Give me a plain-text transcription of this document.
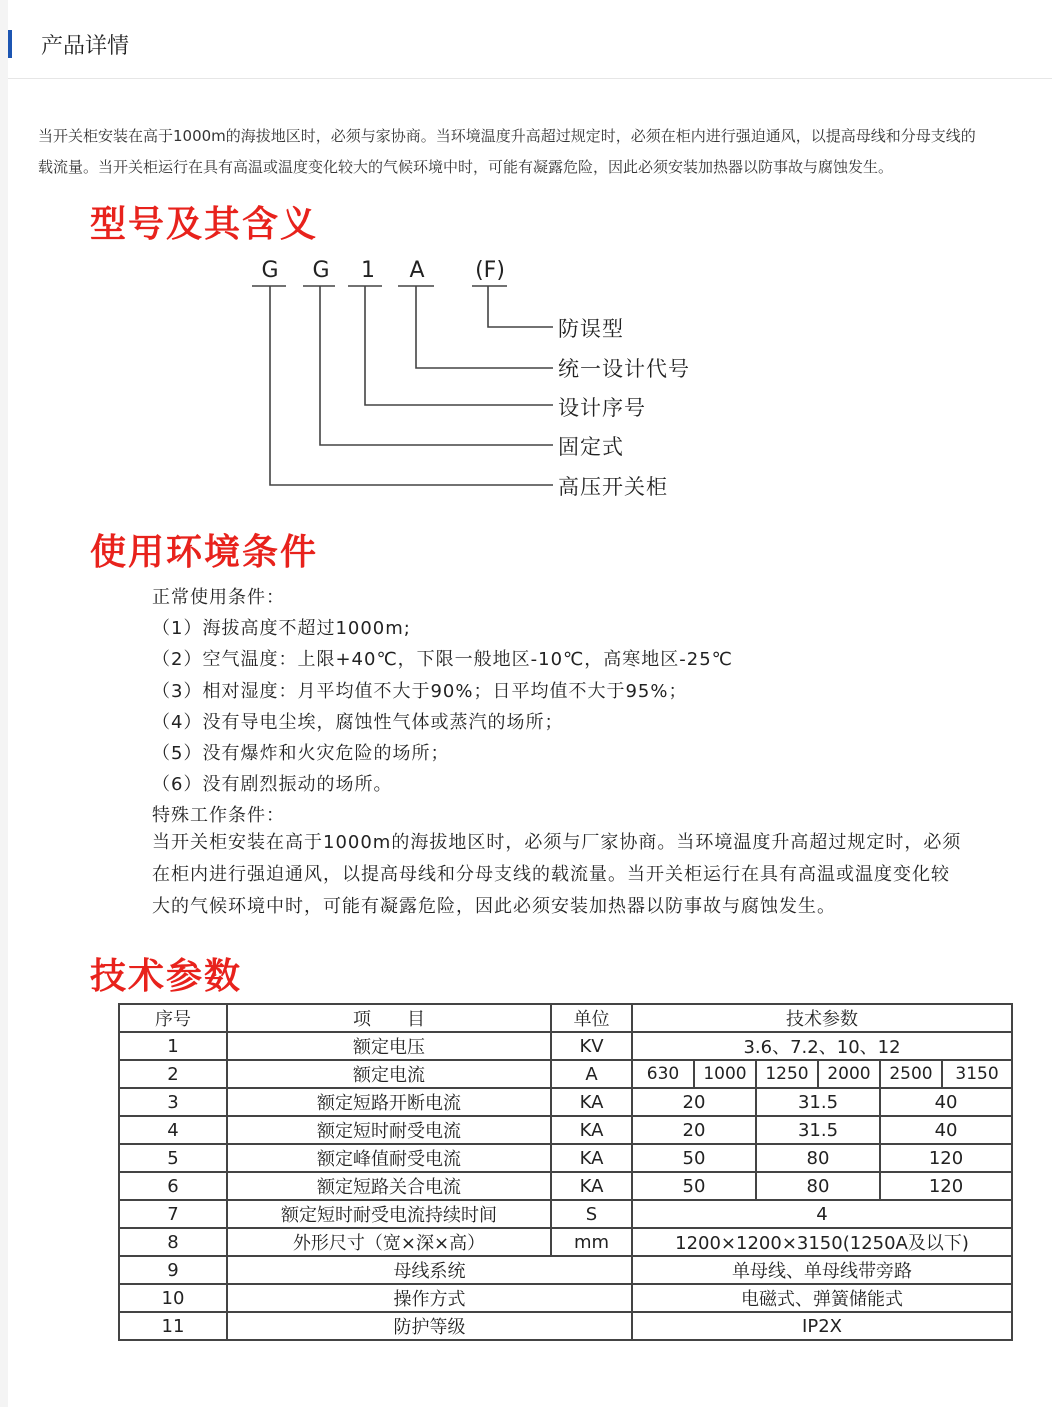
产品详情
当开关柜安装在高于1000m的海拔地区时，必须与家协商。当环境温度升高超过规定时，必须在柜内进行强迫通风，以提高母线和分母支线的
载流量。当开关柜运行在具有高温或温度变化较大的气候环境中时，可能有凝露危险，因此必须安装加热器以防事故与腐蚀发生。
型号及其含义
G	G	1	A	(F)
防误型
统一设计代号
设计序号
固定式
高压开关柜
使用环境条件
正常使用条件：
（1）海拔高度不超过1000m;
（2）空气温度：上限+40℃，下限一般地区-10℃，高寒地区-25℃
（3）相对湿度：月平均值不大于90%；日平均值不大于95%；
（4）没有导电尘埃，腐蚀性气体或蒸汽的场所；
（5）没有爆炸和火灾危险的场所；
（6）没有剧烈振动的场所。
特殊工作条件：
当开关柜安装在高于1000m的海拔地区时，必须与厂家协商。当环境温度升高超过规定时，必须
在柜内进行强迫通风，以提高母线和分母支线的载流量。当开关柜运行在具有高温或温度变化较
大的气候环境中时，可能有凝露危险，因此必须安装加热器以防事故与腐蚀发生。
技术参数
序号	项　　目	单位	技术参数					
1	额定电压	KV	3.6、7.2、10、12					
2	额定电流	A	630	1000	1250	2000	2500	3150
3	额定短路开断电流	KA	20		31.5		40	
4	额定短时耐受电流	KA	20		31.5		40	
5	额定峰值耐受电流	KA	50		80		120	
6	额定短路关合电流	KA	50		80		120	
7	额定短时耐受电流持续时间	S	4					
8	外形尺寸（宽×深×高）	mm	1200×1200×3150(1250A及以下)					
9	母线系统		单母线、单母线带旁路					
10	操作方式		电磁式、弹簧储能式					
11	防护等级		IP2X					
